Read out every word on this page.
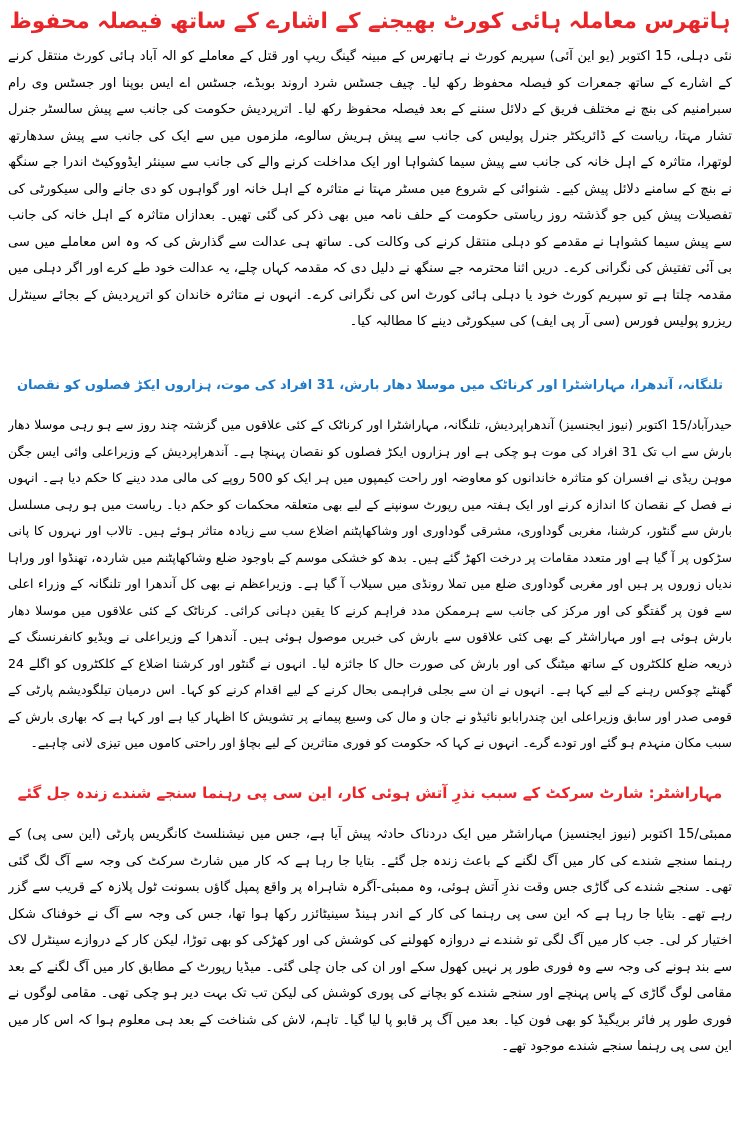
ہاتھرس معاملہ ہائی کورٹ بھیجنے کے اشارے کے ساتھ فیصلہ محفوظ

نئی دہلی، 15 اکتوبر (یو این آئی) سپریم کورٹ نے ہاتھرس کے مبینہ گینگ ریپ اور قتل کے معاملے کو الہ آباد ہائی کورٹ منتقل کرنے کے اشارے کے ساتھ جمعرات کو فیصلہ محفوظ رکھ لیا۔ چیف جسٹس شرد اروند بوبڈے، جسٹس اے ایس بوپنا اور جسٹس وی رام سبرامنیم کی بنچ نے مختلف فریق کے دلائل سننے کے بعد فیصلہ محفوظ رکھ لیا۔ اترپردیش حکومت کی جانب سے پیش سالسٹر جنرل تشار مہتا، ریاست کے ڈائریکٹر جنرل پولیس کی جانب سے پیش ہریش سالوے، ملزموں میں سے ایک کی جانب سے پیش سدھارتھ لوتھرا، متاثرہ کے اہل خانہ کی جانب سے پیش سیما کشواہا اور ایک مداخلت کرنے والے کی جانب سے سینئر ایڈووکیٹ اندرا جے سنگھ نے بنچ کے سامنے دلائل پیش کیے۔ شنوائی کے شروع میں مسٹر مہتا نے متاثرہ کے اہل خانہ اور گواہوں کو دی جانے والی سیکورٹی کی تفصیلات پیش کیں جو گذشتہ روز ریاستی حکومت کے حلف نامہ میں بھی ذکر کی گئی تھیں۔ بعدازاں متاثرہ کے اہل خانہ کی جانب سے پیش سیما کشواہا نے مقدمے کو دہلی منتقل کرنے کی وکالت کی۔ ساتھ ہی عدالت سے گذارش کی کہ وہ اس معاملے میں سی بی آئی تفتیش کی نگرانی کرے۔ دریں اثنا محترمہ جے سنگھ نے دلیل دی کہ مقدمہ کہاں چلے، یہ عدالت خود طے کرے اور اگر دہلی میں مقدمہ چلتا ہے تو سپریم کورٹ خود یا دہلی ہائی کورٹ اس کی نگرانی کرے۔ انہوں نے متاثرہ خاندان کو اترپردیش کے بجائے سینٹرل ریزرو پولیس فورس (سی آر پی ایف) کی سیکورٹی دینے کا مطالبہ کیا۔

تلنگانہ، آندھرا، مہاراشٹرا اور کرناٹک میں موسلا دھار بارش، 31 افراد کی موت، ہزاروں ایکڑ فصلوں کو نقصان

حیدرآباد/15 اکتوبر (نیوز ایجنسیز) آندھراپردیش، تلنگانہ، مہاراشٹرا اور کرناٹک کے کئی علاقوں میں گزشتہ چند روز سے ہو رہی موسلا دھار بارش سے اب تک 31 افراد کی موت ہو چکی ہے اور ہزاروں ایکڑ فصلوں کو نقصان پہنچا ہے۔ آندھراپردیش کے وزیراعلی وائی ایس جگن موہن ریڈی نے افسران کو متاثرہ خاندانوں کو معاوضہ اور راحت کیمپوں میں ہر ایک کو 500 روپے کی مالی مدد دینے کا حکم دیا ہے۔ انہوں نے فصل کے نقصان کا اندازہ کرنے اور ایک ہفتہ میں رپورٹ سونپنے کے لیے بھی متعلقہ محکمات کو حکم دیا۔ ریاست میں ہو رہی مسلسل بارش سے گنٹور، کرشنا، مغربی گوداوری، مشرقی گوداوری اور وشاکھاپٹنم اضلاع سب سے زیادہ متاثر ہوئے ہیں۔ تالاب اور نہروں کا پانی سڑکوں پر آ گیا ہے اور متعدد مقامات پر درخت اکھڑ گئے ہیں۔ بدھ کو خشکی موسم کے باوجود ضلع وشاکھاپٹنم میں شاردہ، تھنڈوا اور وراہا ندیاں زوروں پر ہیں اور مغربی گوداوری ضلع میں تملا رونڈی میں سیلاب آ گیا ہے۔ وزیراعظم نے بھی کل آندھرا اور تلنگانہ کے وزراء اعلی سے فون پر گفتگو کی اور مرکز کی جانب سے ہرممکن مدد فراہم کرنے کا یقین دہانی کرائی۔ کرناٹک کے کئی علاقوں میں موسلا دھار بارش ہوئی ہے اور مہاراشٹر کے بھی کئی علاقوں سے بارش کی خبریں موصول ہوئی ہیں۔ آندھرا کے وزیراعلی نے ویڈیو کانفرنسنگ کے ذریعہ ضلع کلکٹروں کے ساتھ میٹنگ کی اور بارش کی صورت حال کا جائزہ لیا۔ انہوں نے گنٹور اور کرشنا اضلاع کے کلکٹروں کو اگلے 24 گھنٹے چوکس رہنے کے لیے کہا ہے۔ انہوں نے ان سے بجلی فراہمی بحال کرنے کے لیے اقدام کرنے کو کہا۔ اس درمیان تیلگودیشم پارٹی کے قومی صدر اور سابق وزیراعلی این چندرابابو نائیڈو نے جان و مال کی وسیع پیمانے پر تشویش کا اظہار کیا ہے اور کہا ہے کہ بھاری بارش کے سبب مکان منہدم ہو گئے اور تودے گرے۔ انہوں نے کہا کہ حکومت کو فوری متاثرین کے لیے بچاؤ اور راحتی کاموں میں تیزی لانی چاہیے۔

مہاراشٹر: شارٹ سرکٹ کے سبب نذرِ آتش ہوئی کار، این سی پی رہنما سنجے شندے زندہ جل گئے

ممبئی/15 اکتوبر (نیوز ایجنسیز) مہاراشٹر میں ایک دردناک حادثہ پیش آیا ہے، جس میں نیشنلسٹ کانگریس پارٹی (این سی پی) کے رہنما سنجے شندے کی کار میں آگ لگنے کے باعث زندہ جل گئے۔ بتایا جا رہا ہے کہ کار میں شارٹ سرکٹ کی وجہ سے آگ لگ گئی تھی۔ سنجے شندے کی گاڑی جس وقت نذرِ آتش ہوئی، وہ ممبئی-آگرہ شاہراہ پر واقع پمپل گاؤں بسونت ٹول پلازہ کے قریب سے گزر رہے تھے۔ بتایا جا رہا ہے کہ این سی پی رہنما کی کار کے اندر ہینڈ سینیٹائزر رکھا ہوا تھا، جس کی وجہ سے آگ نے خوفناک شکل اختیار کر لی۔ جب کار میں آگ لگی تو شندے نے دروازہ کھولنے کی کوشش کی اور کھڑکی کو بھی توڑا، لیکن کار کے دروازے سینٹرل لاک سے بند ہونے کی وجہ سے وہ فوری طور پر نہیں کھول سکے اور ان کی جان چلی گئی۔ میڈیا رپورٹ کے مطابق کار میں آگ لگنے کے بعد مقامی لوگ گاڑی کے پاس پہنچے اور سنجے شندے کو بچانے کی پوری کوشش کی لیکن تب تک بہت دیر ہو چکی تھی۔ مقامی لوگوں نے فوری طور پر فائر بریگیڈ کو بھی فون کیا۔ بعد میں آگ پر قابو پا لیا گیا۔ تاہم، لاش کی شناخت کے بعد ہی معلوم ہوا کہ اس کار میں این سی پی رہنما سنجے شندے موجود تھے۔
